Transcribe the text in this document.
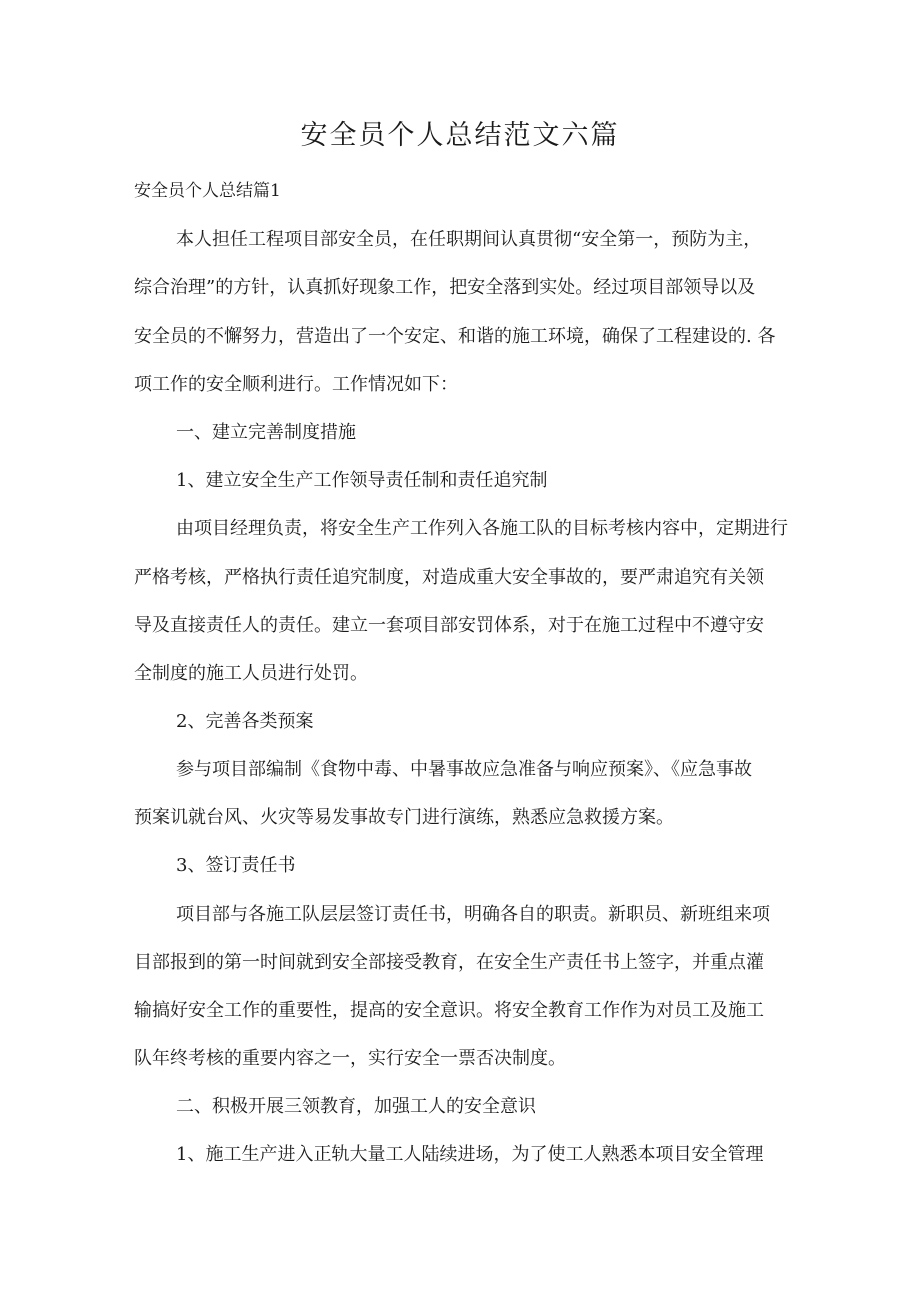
安全员个人总结范文六篇

安全员个人总结篇1

本人担任工程项目部安全员，在任职期间认真贯彻“安全第一，预防为主，

综合治理”的方针，认真抓好现象工作，把安全落到实处。经过项目部领导以及

安全员的不懈努力，营造出了一个安定、和谐的施工环境，确保了工程建设的. 各

项工作的安全顺利进行。工作情况如下：

一、建立完善制度措施

1、建立安全生产工作领导责任制和责任追究制

由项目经理负责，将安全生产工作列入各施工队的目标考核内容中，定期进行

严格考核，严格执行责任追究制度，对造成重大安全事故的，要严肃追究有关领

导及直接责任人的责任。建立一套项目部安罚体系，对于在施工过程中不遵守安

全制度的施工人员进行处罚。

2、完善各类预案

参与项目部编制《食物中毒、中暑事故应急准备与响应预案》、《应急事故

预案讥就台风、火灾等易发事故专门进行演练，熟悉应急救援方案。

3、签订责任书

项目部与各施工队层层签订责任书，明确各自的职责。新职员、新班组来项

目部报到的第一时间就到安全部接受教育，在安全生产责任书上签字，并重点灌

输搞好安全工作的重要性，提高的安全意识。将安全教育工作作为对员工及施工

队年终考核的重要内容之一，实行安全一票否决制度。

二、积极开展三领教育，加强工人的安全意识

1、施工生产进入正轨大量工人陆续进场，为了使工人熟悉本项目安全管理
